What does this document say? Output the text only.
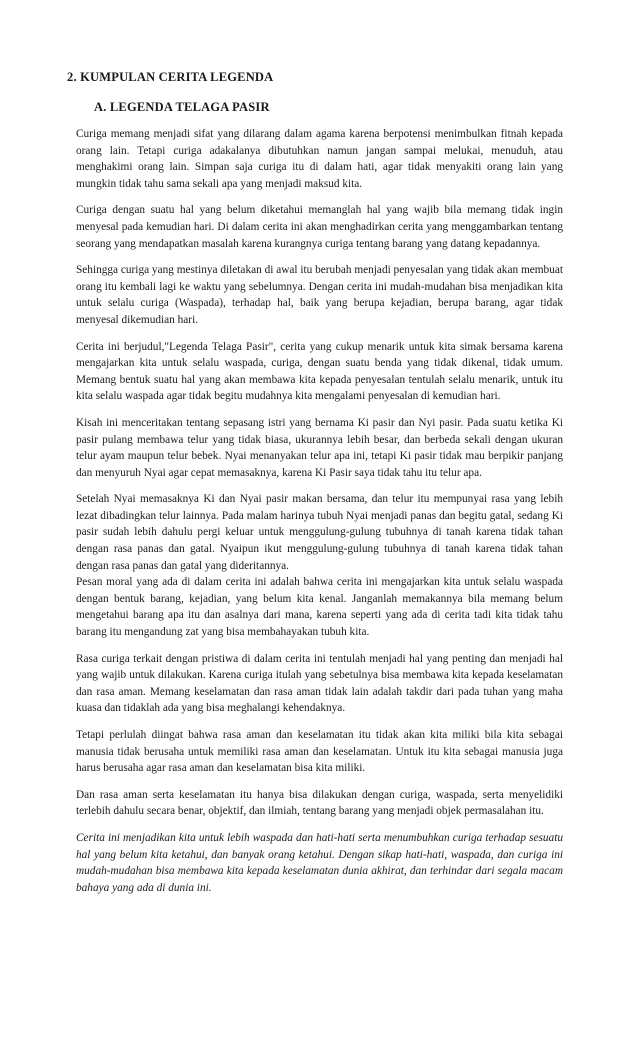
2. KUMPULAN CERITA LEGENDA
A. LEGENDA TELAGA PASIR

Curiga memang menjadi sifat yang dilarang dalam agama karena berpotensi menimbulkan fitnah kepada orang lain. Tetapi curiga adakalanya dibutuhkan namun jangan sampai melukai, menuduh, atau menghakimi orang lain. Simpan saja curiga itu di dalam hati, agar tidak menyakiti orang lain yang mungkin tidak tahu sama sekali apa yang menjadi maksud kita.

Curiga dengan suatu hal yang belum diketahui memanglah hal yang wajib bila memang tidak ingin menyesal pada kemudian hari. Di dalam cerita ini akan menghadirkan cerita yang menggambarkan tentang seorang yang mendapatkan masalah karena kurangnya curiga tentang barang yang datang kepadannya.

Sehingga curiga yang mestinya diletakan di awal itu berubah menjadi penyesalan yang tidak akan membuat orang itu kembali lagi ke waktu yang sebelumnya. Dengan cerita ini mudah-mudahan bisa menjadikan kita untuk selalu curiga (Waspada), terhadap hal, baik yang berupa kejadian, berupa barang, agar tidak menyesal dikemudian hari.

Cerita ini berjudul,"Legenda Telaga Pasir", cerita yang cukup menarik untuk kita simak bersama karena mengajarkan kita untuk selalu waspada, curiga, dengan suatu benda yang tidak dikenal, tidak umum. Memang bentuk suatu hal yang akan membawa kita kepada penyesalan tentulah selalu menarik, untuk itu kita selalu waspada agar tidak begitu mudahnya kita mengalami penyesalan di kemudian hari.

Kisah ini menceritakan tentang sepasang istri yang bernama Ki pasir dan Nyi pasir. Pada suatu ketika Ki pasir pulang membawa telur yang tidak biasa, ukurannya lebih besar, dan berbeda sekali dengan ukuran telur ayam maupun telur bebek. Nyai menanyakan telur apa ini, tetapi Ki pasir tidak mau berpikir panjang dan menyuruh Nyai agar cepat memasaknya, karena Ki Pasir saya tidak tahu itu telur apa.

Setelah Nyai memasaknya Ki dan Nyai pasir makan bersama, dan telur itu mempunyai rasa yang lebih lezat dibadingkan telur lainnya. Pada malam harinya tubuh Nyai menjadi panas dan begitu gatal, sedang Ki pasir sudah lebih dahulu pergi keluar untuk menggulung-gulung tubuhnya di tanah karena tidak tahan dengan rasa panas dan gatal. Nyaipun ikut menggulung-gulung tubuhnya di tanah karena tidak tahan dengan rasa panas dan gatal yang dideritannya.

Pesan moral yang ada di dalam cerita ini adalah bahwa cerita ini mengajarkan kita untuk selalu waspada dengan bentuk barang, kejadian, yang belum kita kenal. Janganlah memakannya bila memang belum mengetahui barang apa itu dan asalnya dari mana, karena seperti yang ada di cerita tadi kita tidak tahu barang itu mengandung zat yang bisa membahayakan tubuh kita.

Rasa curiga terkait dengan pristiwa di dalam cerita ini tentulah menjadi hal yang penting dan menjadi hal yang wajib untuk dilakukan. Karena curiga itulah yang sebetulnya bisa membawa kita kepada keselamatan dan rasa aman. Memang keselamatan dan rasa aman tidak lain adalah takdir dari pada tuhan yang maha kuasa dan tidaklah ada yang bisa meghalangi kehendaknya.

Tetapi perlulah diingat bahwa rasa aman dan keselamatan itu tidak akan kita miliki bila kita sebagai manusia tidak berusaha untuk memiliki rasa aman dan keselamatan. Untuk itu kita sebagai manusia juga harus berusaha agar rasa aman dan keselamatan bisa kita miliki.

Dan rasa aman serta keselamatan itu hanya bisa dilakukan dengan curiga, waspada, serta menyelidiki terlebih dahulu secara benar, objektif, dan ilmiah, tentang barang yang menjadi objek permasalahan itu.

Cerita ini menjadikan kita untuk lebih waspada dan hati-hati serta menumbuhkan curiga terhadap sesuatu hal yang belum kita ketahui, dan banyak orang ketahui. Dengan sikap hati-hati, waspada, dan curiga ini mudah-mudahan bisa membawa kita kepada keselamatan dunia akhirat, dan terhindar dari segala macam bahaya yang ada di dunia ini.
